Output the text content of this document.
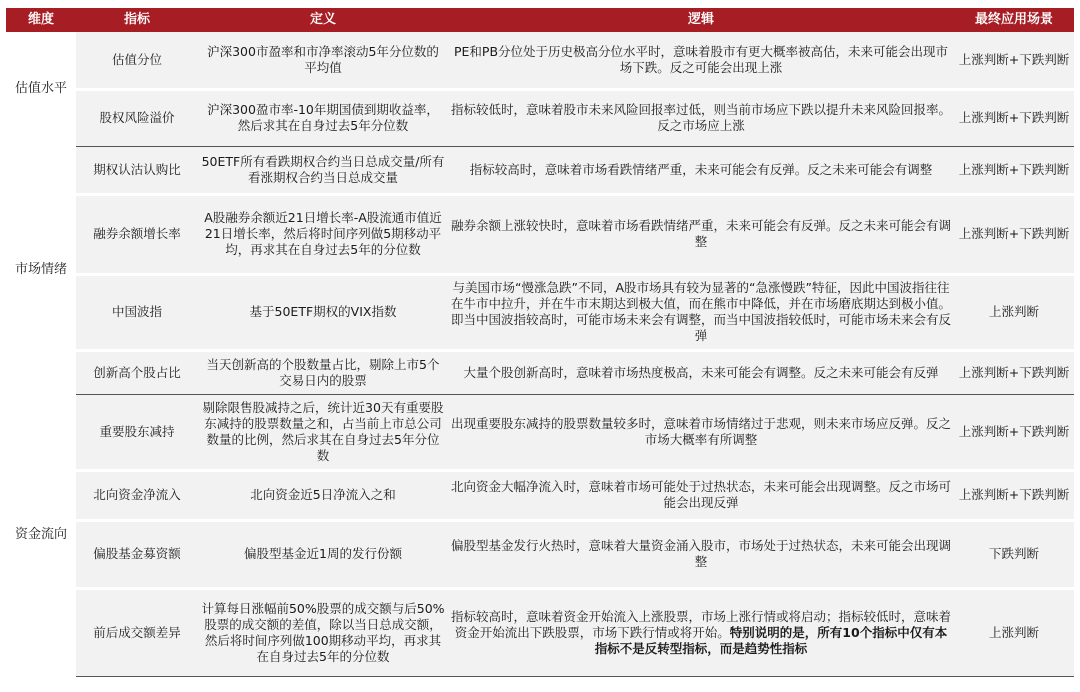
维度	指标	定义	逻辑	最终应用场景
估值水平	估值分位	沪深300市盈率和市净率滚动5年分位数的平均值	PE和PB分位处于历史极高分位水平时，意味着股市有更大概率被高估，未来可能会出现市场下跌。反之可能会出现上涨	上涨判断+下跌判断
	股权风险溢价	沪深300盈市率-10年期国债到期收益率，然后求其在自身过去5年分位数	指标较低时，意味着股市未来风险回报率过低，则当前市场应下跌以提升未来风险回报率。反之市场应上涨	上涨判断+下跌判断
市场情绪	期权认沽认购比	50ETF所有看跌期权合约当日总成交量/所有看涨期权合约当日总成交量	指标较高时，意味着市场看跌情绪严重，未来可能会有反弹。反之未来可能会有调整	上涨判断+下跌判断
	融券余额增长率	A股融券余额近21日增长率-A股流通市值近21日增长率，然后将时间序列做5期移动平均，再求其在自身过去5年的分位数	融券余额上涨较快时，意味着市场看跌情绪严重，未来可能会有反弹。反之未来可能会有调整	上涨判断+下跌判断
	中国波指	基于50ETF期权的VIX指数	与美国市场“慢涨急跌”不同，A股市场具有较为显著的“急涨慢跌”特征，因此中国波指往往在牛市中拉升，并在牛市末期达到极大值，而在熊市中降低，并在市场磨底期达到极小值。即当中国波指较高时，可能市场未来会有调整，而当中国波指较低时，可能市场未来会有反弹	上涨判断
	创新高个股占比	当天创新高的个股数量占比，剔除上市5个交易日内的股票	大量个股创新高时，意味着市场热度极高，未来可能会有调整。反之未来可能会有反弹	上涨判断+下跌判断
资金流向	重要股东减持	剔除限售股减持之后，统计近30天有重要股东减持的股票数量之和，占当前上市总公司数量的比例，然后求其在自身过去5年分位数	出现重要股东减持的股票数量较多时，意味着市场情绪过于悲观，则未来市场应反弹。反之市场大概率有所调整	上涨判断+下跌判断
	北向资金净流入	北向资金近5日净流入之和	北向资金大幅净流入时，意味着市场可能处于过热状态，未来可能会出现调整。反之市场可能会出现反弹	上涨判断+下跌判断
	偏股基金募资额	偏股型基金近1周的发行份额	偏股型基金发行火热时，意味着大量资金涌入股市，市场处于过热状态，未来可能会出现调整	下跌判断
	前后成交额差异	计算每日涨幅前50%股票的成交额与后50%股票的成交额的差值，除以当日总成交额，然后将时间序列做100期移动平均，再求其在自身过去5年的分位数	指标较高时，意味着资金开始流入上涨股票，市场上涨行情或将启动；指标较低时，意味着资金开始流出下跌股票，市场下跌行情或将开始。特别说明的是，所有10个指标中仅有本指标不是反转型指标，而是趋势性指标	上涨判断
